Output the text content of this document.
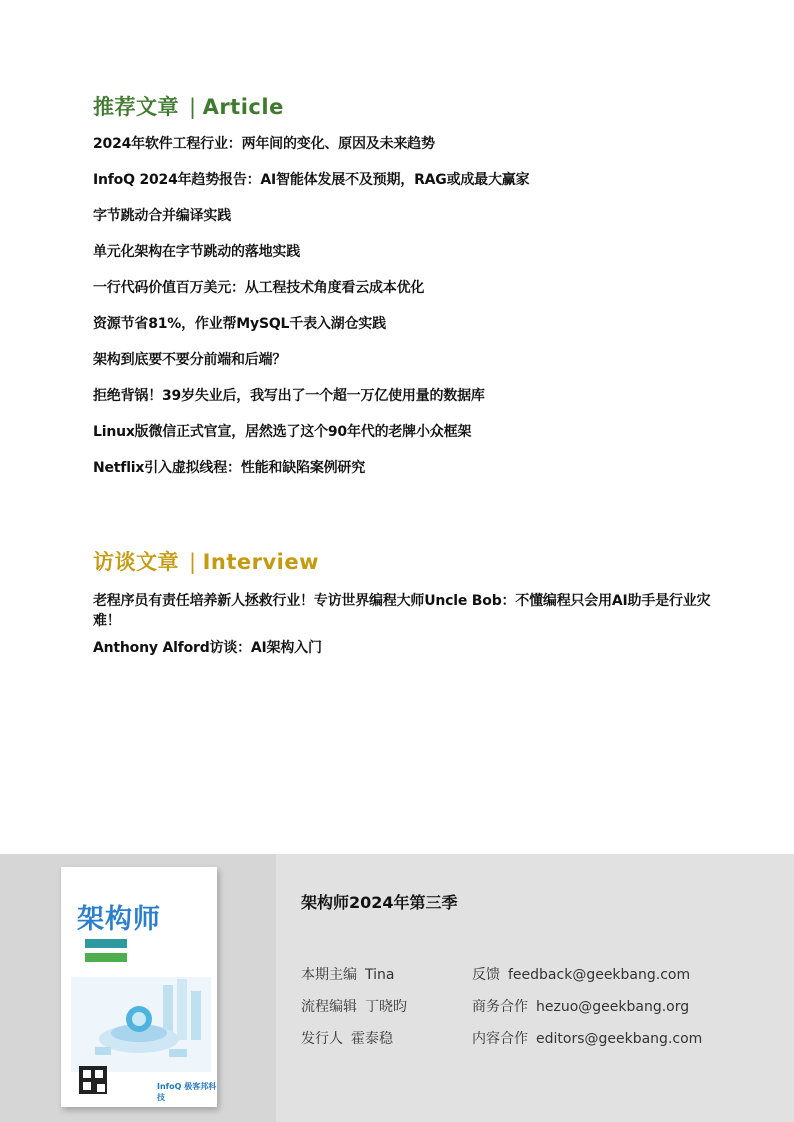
推荐文章 | Article
2024年软件工程行业：两年间的变化、原因及未来趋势
InfoQ 2024年趋势报告：AI智能体发展不及预期，RAG或成最大赢家
字节跳动合并编译实践
单元化架构在字节跳动的落地实践
一行代码价值百万美元：从工程技术角度看云成本优化
资源节省81%，作业帮MySQL千表入湖仓实践
架构到底要不要分前端和后端？
拒绝背锅！39岁失业后，我写出了一个超一万亿使用量的数据库
Linux版微信正式官宣，居然选了这个90年代的老牌小众框架
Netflix引入虚拟线程：性能和缺陷案例研究
访谈文章 | Interview
老程序员有责任培养新人拯救行业！专访世界编程大师Uncle Bob：不懂编程只会用AI助手是行业灾难！
Anthony Alford访谈：AI架构入门
架构师
InfoQ 极客邦科技
架构师2024年第三季
本期主编 Tina
流程编辑 丁晓昀
发行人 霍泰稳
反馈 feedback@geekbang.com
商务合作 hezuo@geekbang.org
内容合作 editors@geekbang.com
